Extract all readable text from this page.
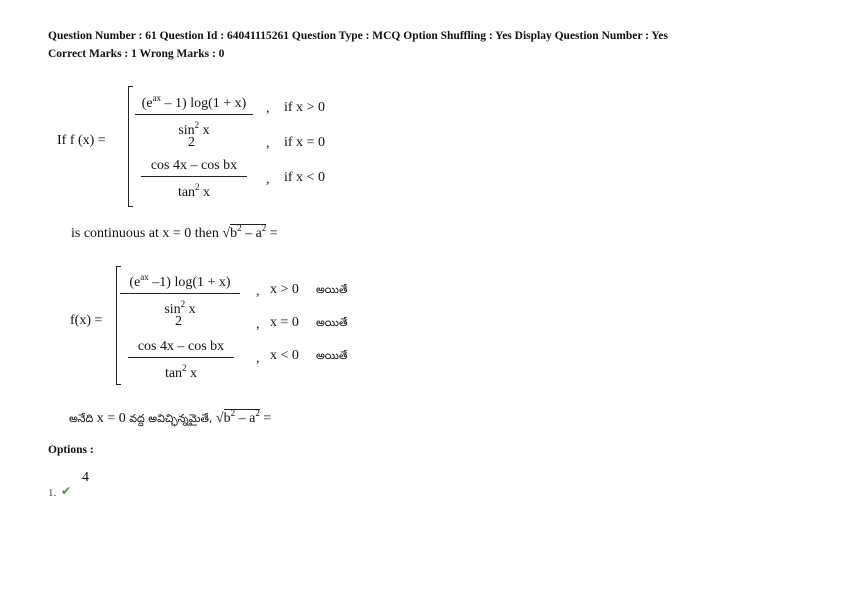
Question Number : 61 Question Id : 64041115261 Question Type : MCQ Option Shuffling : Yes Display Question Number : Yes
Correct Marks : 1 Wrong Marks : 0
If f (x) =
$(e^{ax} - 1) \log(1 + x)$
$\sin^2 x$
, if x > 0
2	, if x = 0
cos 4x – cos bx
$\tan^2 x$
, if x < 0
is continuous at x = 0 then $√b^2 - a^2$ =
f(x) =
($e^{ax}$ –1) log(1 + x)
$\sin^2 x$
, x > 0 అయితే
2	, x = 0 అయితే
cos 4x – cos bx
$\tan^2 x$
, x < 0 అయితే
అనేది x = 0 వద్ద అవిచ్ఛిన్నమైతే, $√b^2 - a^2$ =
Options :
4
1. ✔
